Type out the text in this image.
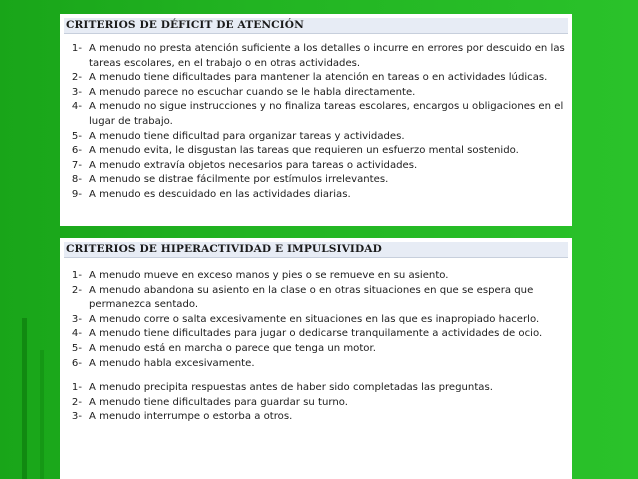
CRITERIOS DE DÉFICIT DE ATENCIÓN
1- A menudo no presta atención suficiente a los detalles o incurre en errores por descuido en las tareas escolares, en el trabajo o en otras actividades.
2- A menudo tiene dificultades para mantener la atención en tareas o en actividades lúdicas.
3- A menudo parece no escuchar cuando se le habla directamente.
4- A menudo no sigue instrucciones y no finaliza tareas escolares, encargos u obligaciones en el lugar de trabajo.
5- A menudo tiene dificultad para organizar tareas y actividades.
6- A menudo evita, le disgustan las tareas que requieren un esfuerzo mental sostenido.
7- A menudo extravía objetos necesarios para tareas o actividades.
8- A menudo se distrae fácilmente por estímulos irrelevantes.
9- A menudo es descuidado en las actividades diarias.
CRITERIOS DE HIPERACTIVIDAD E IMPULSIVIDAD
1- A menudo mueve en exceso manos y pies o se remueve en su asiento.
2- A menudo abandona su asiento en la clase o en otras situaciones en que se espera que permanezca sentado.
3- A menudo corre o salta excesivamente en situaciones en las que es inapropiado hacerlo.
4- A menudo tiene dificultades para jugar o dedicarse tranquilamente a actividades de ocio.
5- A menudo está en marcha o parece que tenga un motor.
6- A menudo habla excesivamente.
1- A menudo precipita respuestas antes de haber sido completadas las preguntas.
2- A menudo tiene dificultades para guardar su turno.
3- A menudo interrumpe o estorba a otros.
